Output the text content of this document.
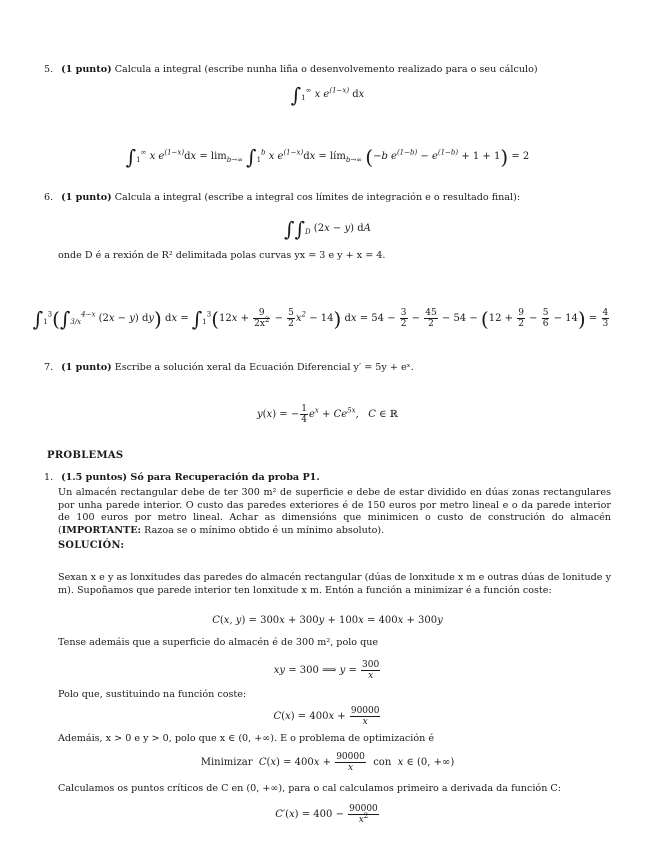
5. (1 punto) Calcula a integral (escribe nunha liña o desenvolvemento realizado para o seu cálculo)
$\int_1^\infty$ x $e^{(1-x)}$ dx
$\int_1^\infty$ x $e^{(1-x)}dx = \lim_{b\to\infty} \int_1^b$ x $e^{(1-x)}dx$ = lím$_{b\to\infty}$ (−b $e^{(1-b)} - e^{(1-b)} + 1 + 1) = 2$
6. (1 punto) Calcula a integral (escribe a integral cos límites de integración e o resultado final):
$\int\int_D$ (2x − y) dA
onde D é a rexión de R² delimitada polas curvas yx = 3 e y + x = 4.
$\int_1^3(\int_{3/x}^{4-x}$ (2x − y) dy) dx = $\int_1^3(12x + \frac{9}{2x^2} - \frac{5}{2} x^2 - 14)$ dx = $54 - \frac{3}{2} - \frac{45}{2} - 54 - (12 + \frac{9}{2} - \frac{5}{6} - 14) = \frac{4}{3}$
7. (1 punto) Escribe a solución xeral da Ecuación Diferencial y′ = 5y + eˣ.
y(x) = − $\frac{1}{4} e^x + Ce^{5x}$,   C ∈ ℝ
PROBLEMAS
1. (1.5 puntos) Só para Recuperación da proba P1.
Un almacén rectangular debe de ter 300 m² de superficie e debe de estar dividido en dúas zonas rectangulares por unha parede interior. O custo das paredes exteriores é de 150 euros por metro lineal e o da parede interior de 100 euros por metro lineal. Achar as dimensións que minimicen o custo de construción do almacén (IMPORTANTE: Razoa se o mínimo obtido é un mínimo absoluto).
SOLUCIÓN:
Sexan x e y as lonxitudes das paredes do almacén rectangular (dúas de lonxitude x m e outras dúas de lonitude y m). Supoñamos que parede interior ten lonxitude x m. Entón a función a minimizar é a función coste:
C(x, y) = 300x + 300y + 100x = 400x + 300y
Tense ademáis que a superficie do almacén é de 300 m², polo que
xy = 300 ⟹ $y = \frac{300}{x}$
Polo que, sustituindo na función coste:
$C(x) = 400x + \frac{90000}{x}$
Ademáis, x > 0 e y > 0, polo que x ∈ (0, +∞). E o problema de optimización é
Minimizar  $C(x) = 400x + \frac{90000}{x}$ con  x ∈ (0, +∞)
Calculamos os puntos críticos de C en (0, +∞), para o cal calculamos primeiro a derivada da función C:
$C'(x) = 400 - \frac{90000}{x^2}$
